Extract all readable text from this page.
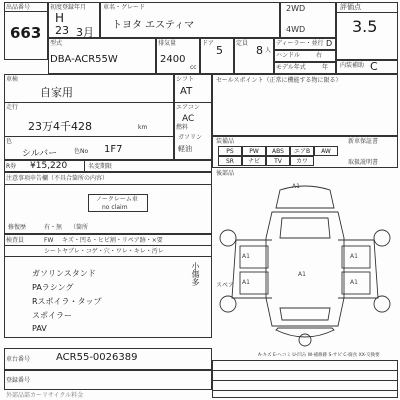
出品番号
663
初度登録年月
H
23 3月
車名・グレード
トヨタ エスティマ
2WD
4WD
評価点
3.5
型式
DBA-ACR55W
排気量
2400
cc
ドア
5
定員
8 人
ディーラー・並行 D
ハンドル	右
モデル年式	年 内装補助 C
車検
自家用
走行
23万4千428	km
色
シルバー	色No 1F7
シフト
AT
エアコン
AC
燃料
ガソリン
軽油
セールスポイント（正常に機能する物に限る）
装備品	新車保証書
PS	PW	ABS	エアB	AW
SR	ナビ	TV	カワ	取扱説明書
R券 ¥15,220	名変期限
後部品
注意事項申告欄（不具合箇所の内容）
ノークレーム車
no claim
修復歴	有・無 （箇所
検査員	FW キズ・凹る・ヒビ割・リペア跡・×要
シート ヤブレ・コゲ・穴・ワレ・キレ・汚レ
ガソリンスタンド
PAラシング
Rスポイラ・タップ
スポイラー
PAV
小傷多
A1
A1	A1
A1	A1
A1
スペア
A-キズ E-ヘコミ U-凹み W-補修跡 S-サビ C-腐食 XX-交換要
車台番号	ACR55-0026389
登録番号
外部品部カーリサイクル料金
